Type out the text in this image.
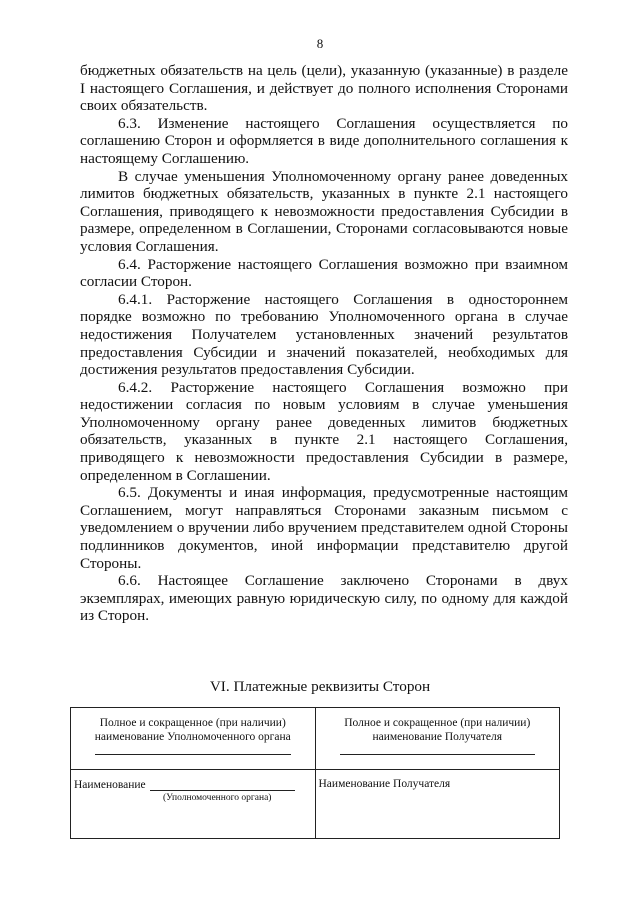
8

бюджетных обязательств на цель (цели), указанную (указанные) в разделе I настоящего Соглашения, и действует до полного исполнения Сторонами своих обязательств.

6.3. Изменение настоящего Соглашения осуществляется по соглашению Сторон и оформляется в виде дополнительного соглашения к настоящему Соглашению.

В случае уменьшения Уполномоченному органу ранее доведенных лимитов бюджетных обязательств, указанных в пункте 2.1 настоящего Соглашения, приводящего к невозможности предоставления Субсидии в размере, определенном в Соглашении, Сторонами согласовываются новые условия Соглашения.

6.4. Расторжение настоящего Соглашения возможно при взаимном согласии Сторон.

6.4.1. Расторжение настоящего Соглашения в одностороннем порядке возможно по требованию Уполномоченного органа в случае недостижения Получателем установленных значений результатов предоставления Субсидии и значений показателей, необходимых для достижения результатов предоставления Субсидии.

6.4.2. Расторжение настоящего Соглашения возможно при недостижении согласия по новым условиям в случае уменьшения Уполномоченному органу ранее доведенных лимитов бюджетных обязательств, указанных в пункте 2.1 настоящего Соглашения, приводящего к невозможности предоставления Субсидии в размере, определенном в Соглашении.

6.5. Документы и иная информация, предусмотренные настоящим Соглашением, могут направляться Сторонами заказным письмом с уведомлением о вручении либо вручением представителем одной Стороны подлинников документов, иной информации представителю другой Стороны.

6.6. Настоящее Соглашение заключено Сторонами в двух экземплярах, имеющих равную юридическую силу, по одному для каждой из Сторон.

VI. Платежные реквизиты Сторон
Полное и сокращенное (при наличии) наименование Уполномоченного органа	Полное и сокращенное (при наличии) наименование Получателя

Наименование
(Уполномоченного органа)	Наименование Получателя
